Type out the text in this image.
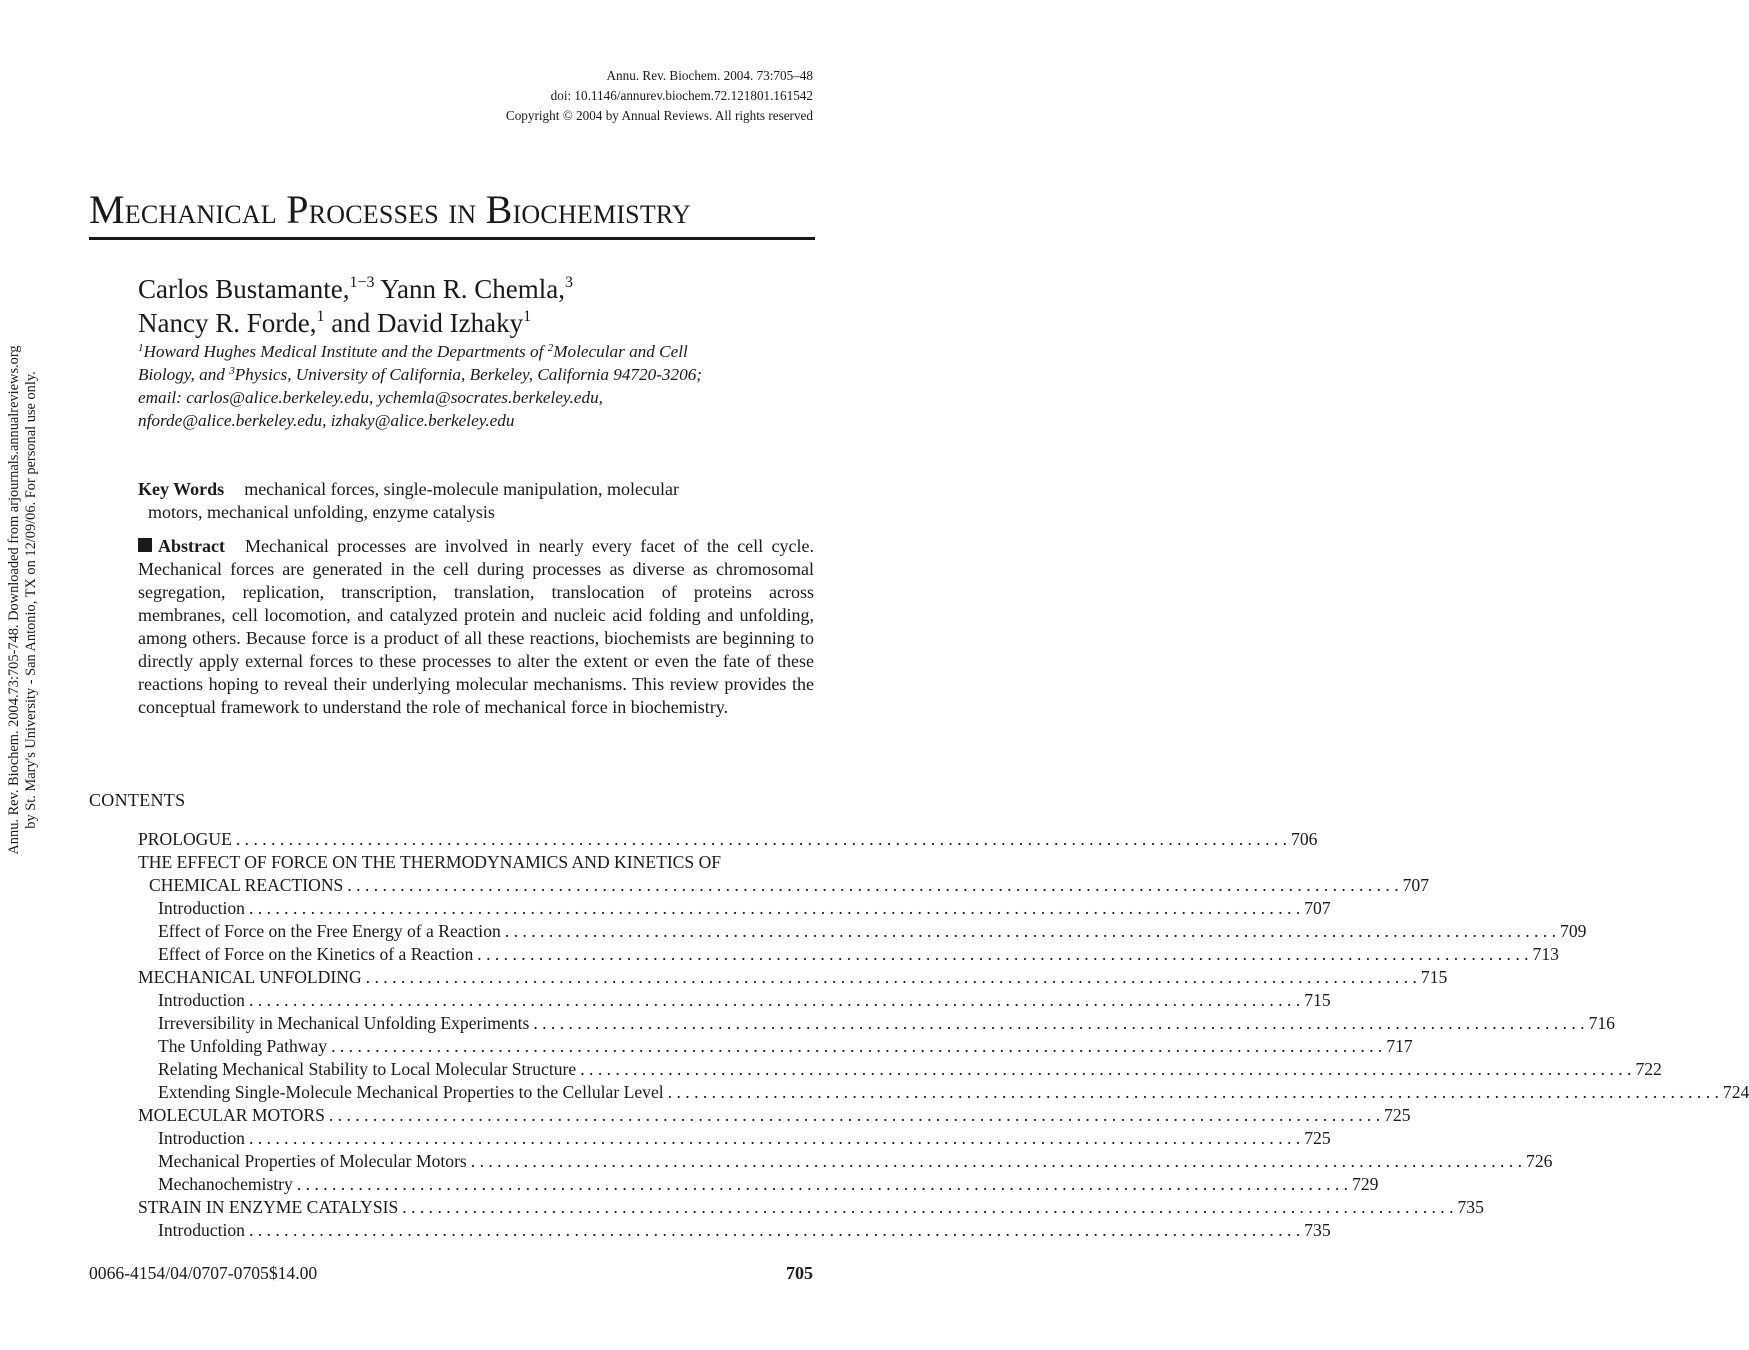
Annu. Rev. Biochem. 2004. 73:705–48
doi: 10.1146/annurev.biochem.72.121801.161542
Copyright © 2004 by Annual Reviews. All rights reserved
Mechanical Processes in Biochemistry
Carlos Bustamante,$^{1-3}$ Yann R. Chemla,$^3$
Nancy R. Forde,$^1$ and David Izhaky$^1$
$^1$Howard Hughes Medical Institute and the Departments of $^2$Molecular and Cell
Biology, and $^3$Physics, University of California, Berkeley, California 94720-3206;
email: carlos@alice.berkeley.edu, ychemla@socrates.berkeley.edu,
nforde@alice.berkeley.edu, izhaky@alice.berkeley.edu
Key Words mechanical forces, single-molecule manipulation, molecular
motors, mechanical unfolding, enzyme catalysis
Abstract Mechanical processes are involved in nearly every facet of the cell cycle. Mechanical forces are generated in the cell during processes as diverse as chromosomal segregation, replication, transcription, translation, translocation of proteins across membranes, cell locomotion, and catalyzed protein and nucleic acid folding and unfolding, among others. Because force is a product of all these reactions, biochemists are beginning to directly apply external forces to these processes to alter the extent or even the fate of these reactions hoping to reveal their underlying molecular mechanisms. This review provides the conceptual framework to understand the role of mechanical force in biochemistry.
CONTENTS
PROLOGUE . . . . . . . . . . . . . . . . . . . . . . . . . . . . . . . . . . . . . . . . . . . . . . . . . . . . . . . . . . . . . . . . . . . . . . . . . . . . . . . . . . . . . . . . . . . . . . . . . . . . . . . . . . . . . . . . . . . . . . . . 706
THE EFFECT OF FORCE ON THE THERMODYNAMICS AND KINETICS OF
CHEMICAL REACTIONS . . . . . . . . . . . . . . . . . . . . . . . . . . . . . . . . . . . . . . . . . . . . . . . . . . . . . . . . . . . . . . . . . . . . . . . . . . . . . . . . . . . . . . . . . . . . . . . . . . . . . . . . . . . . . . . . . . . . . . . . 707
Introduction . . . . . . . . . . . . . . . . . . . . . . . . . . . . . . . . . . . . . . . . . . . . . . . . . . . . . . . . . . . . . . . . . . . . . . . . . . . . . . . . . . . . . . . . . . . . . . . . . . . . . . . . . . . . . . . . . . . . . . . . 707
Effect of Force on the Free Energy of a Reaction . . . . . . . . . . . . . . . . . . . . . . . . . . . . . . . . . . . . . . . . . . . . . . . . . . . . . . . . . . . . . . . . . . . . . . . . . . . . . . . . . . . . . . . . . . . . . . . . . . . . . . . . . . . . . . . . . . . . . . . . 709
Effect of Force on the Kinetics of a Reaction . . . . . . . . . . . . . . . . . . . . . . . . . . . . . . . . . . . . . . . . . . . . . . . . . . . . . . . . . . . . . . . . . . . . . . . . . . . . . . . . . . . . . . . . . . . . . . . . . . . . . . . . . . . . . . . . . . . . . . . . 713
MECHANICAL UNFOLDING . . . . . . . . . . . . . . . . . . . . . . . . . . . . . . . . . . . . . . . . . . . . . . . . . . . . . . . . . . . . . . . . . . . . . . . . . . . . . . . . . . . . . . . . . . . . . . . . . . . . . . . . . . . . . . . . . . . . . . . . 715
Introduction . . . . . . . . . . . . . . . . . . . . . . . . . . . . . . . . . . . . . . . . . . . . . . . . . . . . . . . . . . . . . . . . . . . . . . . . . . . . . . . . . . . . . . . . . . . . . . . . . . . . . . . . . . . . . . . . . . . . . . . . 715
Irreversibility in Mechanical Unfolding Experiments . . . . . . . . . . . . . . . . . . . . . . . . . . . . . . . . . . . . . . . . . . . . . . . . . . . . . . . . . . . . . . . . . . . . . . . . . . . . . . . . . . . . . . . . . . . . . . . . . . . . . . . . . . . . . . . . . . . . . . . . 716
The Unfolding Pathway . . . . . . . . . . . . . . . . . . . . . . . . . . . . . . . . . . . . . . . . . . . . . . . . . . . . . . . . . . . . . . . . . . . . . . . . . . . . . . . . . . . . . . . . . . . . . . . . . . . . . . . . . . . . . . . . . . . . . . . . 717
Relating Mechanical Stability to Local Molecular Structure . . . . . . . . . . . . . . . . . . . . . . . . . . . . . . . . . . . . . . . . . . . . . . . . . . . . . . . . . . . . . . . . . . . . . . . . . . . . . . . . . . . . . . . . . . . . . . . . . . . . . . . . . . . . . . . . . . . . . . . . 722
Extending Single-Molecule Mechanical Properties to the Cellular Level . . . . . . . . . . . . . . . . . . . . . . . . . . . . . . . . . . . . . . . . . . . . . . . . . . . . . . . . . . . . . . . . . . . . . . . . . . . . . . . . . . . . . . . . . . . . . . . . . . . . . . . . . . . . . . . . . . . . . . . . 724
MOLECULAR MOTORS . . . . . . . . . . . . . . . . . . . . . . . . . . . . . . . . . . . . . . . . . . . . . . . . . . . . . . . . . . . . . . . . . . . . . . . . . . . . . . . . . . . . . . . . . . . . . . . . . . . . . . . . . . . . . . . . . . . . . . . . 725
Introduction . . . . . . . . . . . . . . . . . . . . . . . . . . . . . . . . . . . . . . . . . . . . . . . . . . . . . . . . . . . . . . . . . . . . . . . . . . . . . . . . . . . . . . . . . . . . . . . . . . . . . . . . . . . . . . . . . . . . . . . . 725
Mechanical Properties of Molecular Motors . . . . . . . . . . . . . . . . . . . . . . . . . . . . . . . . . . . . . . . . . . . . . . . . . . . . . . . . . . . . . . . . . . . . . . . . . . . . . . . . . . . . . . . . . . . . . . . . . . . . . . . . . . . . . . . . . . . . . . . . 726
Mechanochemistry . . . . . . . . . . . . . . . . . . . . . . . . . . . . . . . . . . . . . . . . . . . . . . . . . . . . . . . . . . . . . . . . . . . . . . . . . . . . . . . . . . . . . . . . . . . . . . . . . . . . . . . . . . . . . . . . . . . . . . . . 729
STRAIN IN ENZYME CATALYSIS . . . . . . . . . . . . . . . . . . . . . . . . . . . . . . . . . . . . . . . . . . . . . . . . . . . . . . . . . . . . . . . . . . . . . . . . . . . . . . . . . . . . . . . . . . . . . . . . . . . . . . . . . . . . . . . . . . . . . . . . 735
Introduction . . . . . . . . . . . . . . . . . . . . . . . . . . . . . . . . . . . . . . . . . . . . . . . . . . . . . . . . . . . . . . . . . . . . . . . . . . . . . . . . . . . . . . . . . . . . . . . . . . . . . . . . . . . . . . . . . . . . . . . . 735
0066-4154/04/0707-0705$14.00	705
Annu. Rev. Biochem. 2004.73:705-748. Downloaded from arjournals.annualreviews.org by St. Mary's University - San Antonio, TX on 12/09/06. For personal use only.
